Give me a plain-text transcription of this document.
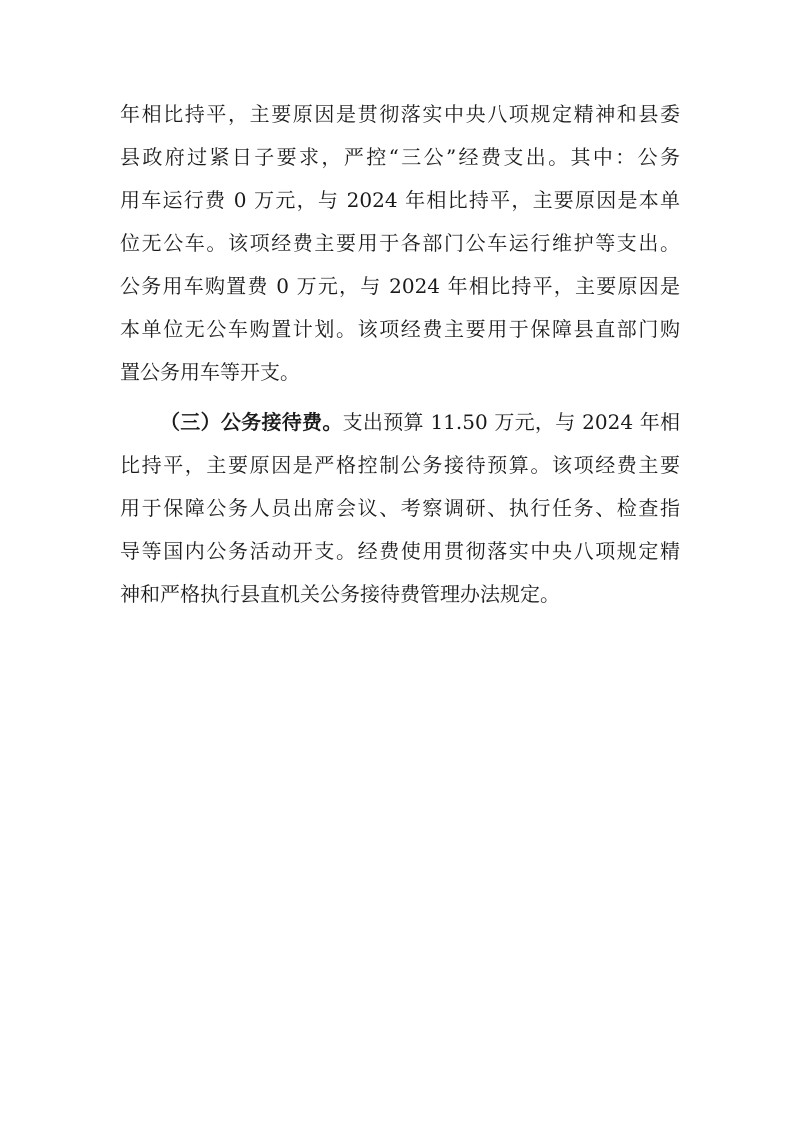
年相比持平，主要原因是贯彻落实中央八项规定精神和县委
县政府过紧日子要求，严控“三公”经费支出。其中：公务
用车运行费 0 万元，与 2024 年相比持平，主要原因是本单
位无公车。该项经费主要用于各部门公车运行维护等支出。
公务用车购置费 0 万元，与 2024 年相比持平，主要原因是
本单位无公车购置计划。该项经费主要用于保障县直部门购
置公务用车等开支。
（三）公务接待费。支出预算 11.50 万元，与 2024 年相
比持平，主要原因是严格控制公务接待预算。该项经费主要
用于保障公务人员出席会议、考察调研、执行任务、检查指
导等国内公务活动开支。经费使用贯彻落实中央八项规定精
神和严格执行县直机关公务接待费管理办法规定。
